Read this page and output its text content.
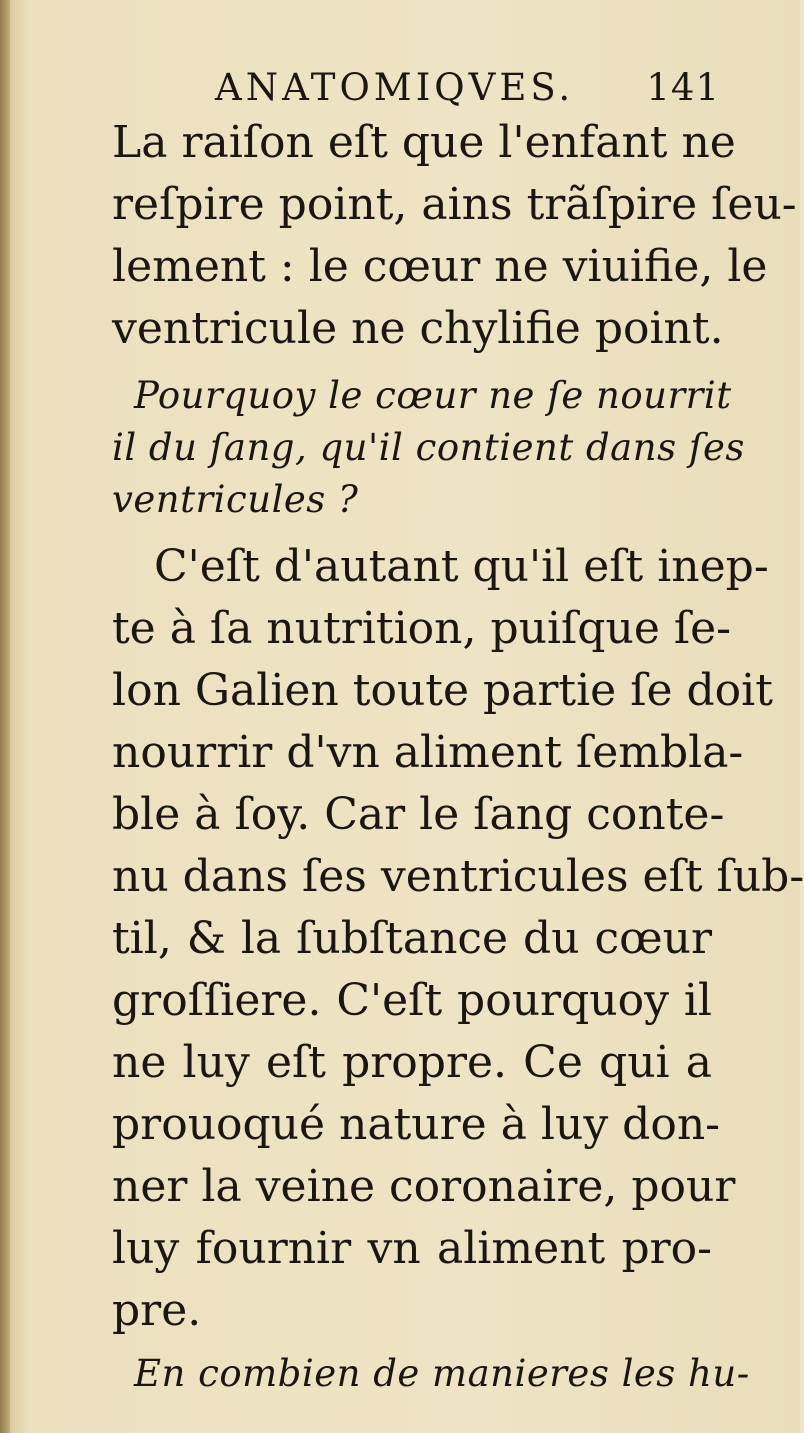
ANATOMIQVES. 141
La raiſon eſt que l'enfant ne
reſpire point, ains trãſpire ſeu-
lement : le cœur ne viuifie, le
ventricule ne chylifie point.
Pourquoy le cœur ne ſe nourrit
il du ſang, qu'il contient dans ſes
ventricules ?
C'eſt d'autant qu'il eſt inep-
te à ſa nutrition, puiſque ſe-
lon Galien toute partie ſe doit
nourrir d'vn aliment ſembla-
ble à ſoy. Car le ſang conte-
nu dans ſes ventricules eſt ſub-
til, & la ſubſtance du cœur
groſſiere. C'eſt pourquoy il
ne luy eſt propre. Ce qui a
prouoqué nature à luy don-
ner la veine coronaire, pour
luy fournir vn aliment pro-
pre.
En combien de manieres les hu-
